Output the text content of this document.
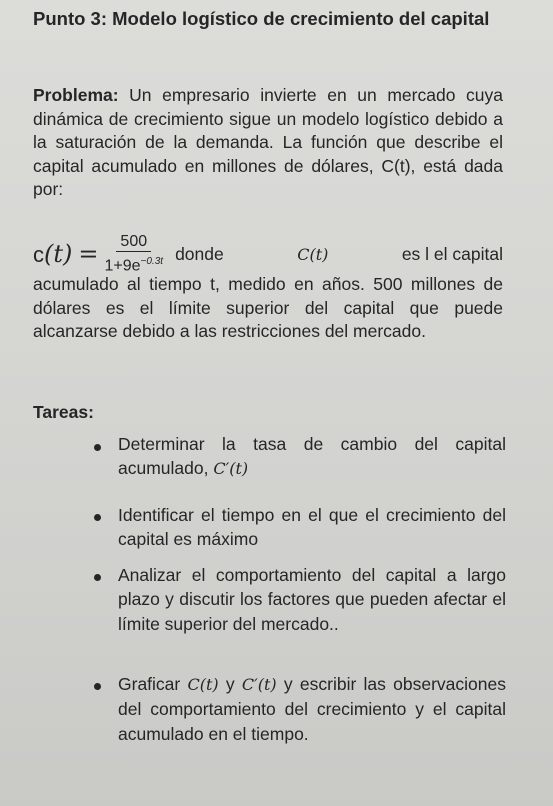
Punto 3: Modelo logístico de crecimiento del capital
Problema: Un empresario invierte en un mercado cuya dinámica de crecimiento sigue un modelo logístico debido a la saturación de la demanda. La función que describe el capital acumulado en millones de dólares, C(t), está dada por:
$c(t) = \frac{500}{1+9e^{-0.3t}}$ donde	C(t)	es l el capital
acumulado al tiempo t, medido en años. 500 millones de dólares es el límite superior del capital que puede alcanzarse debido a las restricciones del mercado.
Tareas:
Determinar la tasa de cambio del capital acumulado, C′(t)
Identificar el tiempo en el que el crecimiento del capital es máximo
Analizar el comportamiento del capital a largo plazo y discutir los factores que pueden afectar el límite superior del mercado..
Graficar C(t) y C′(t) y escribir las observaciones del comportamiento del crecimiento y el capital acumulado en el tiempo.
